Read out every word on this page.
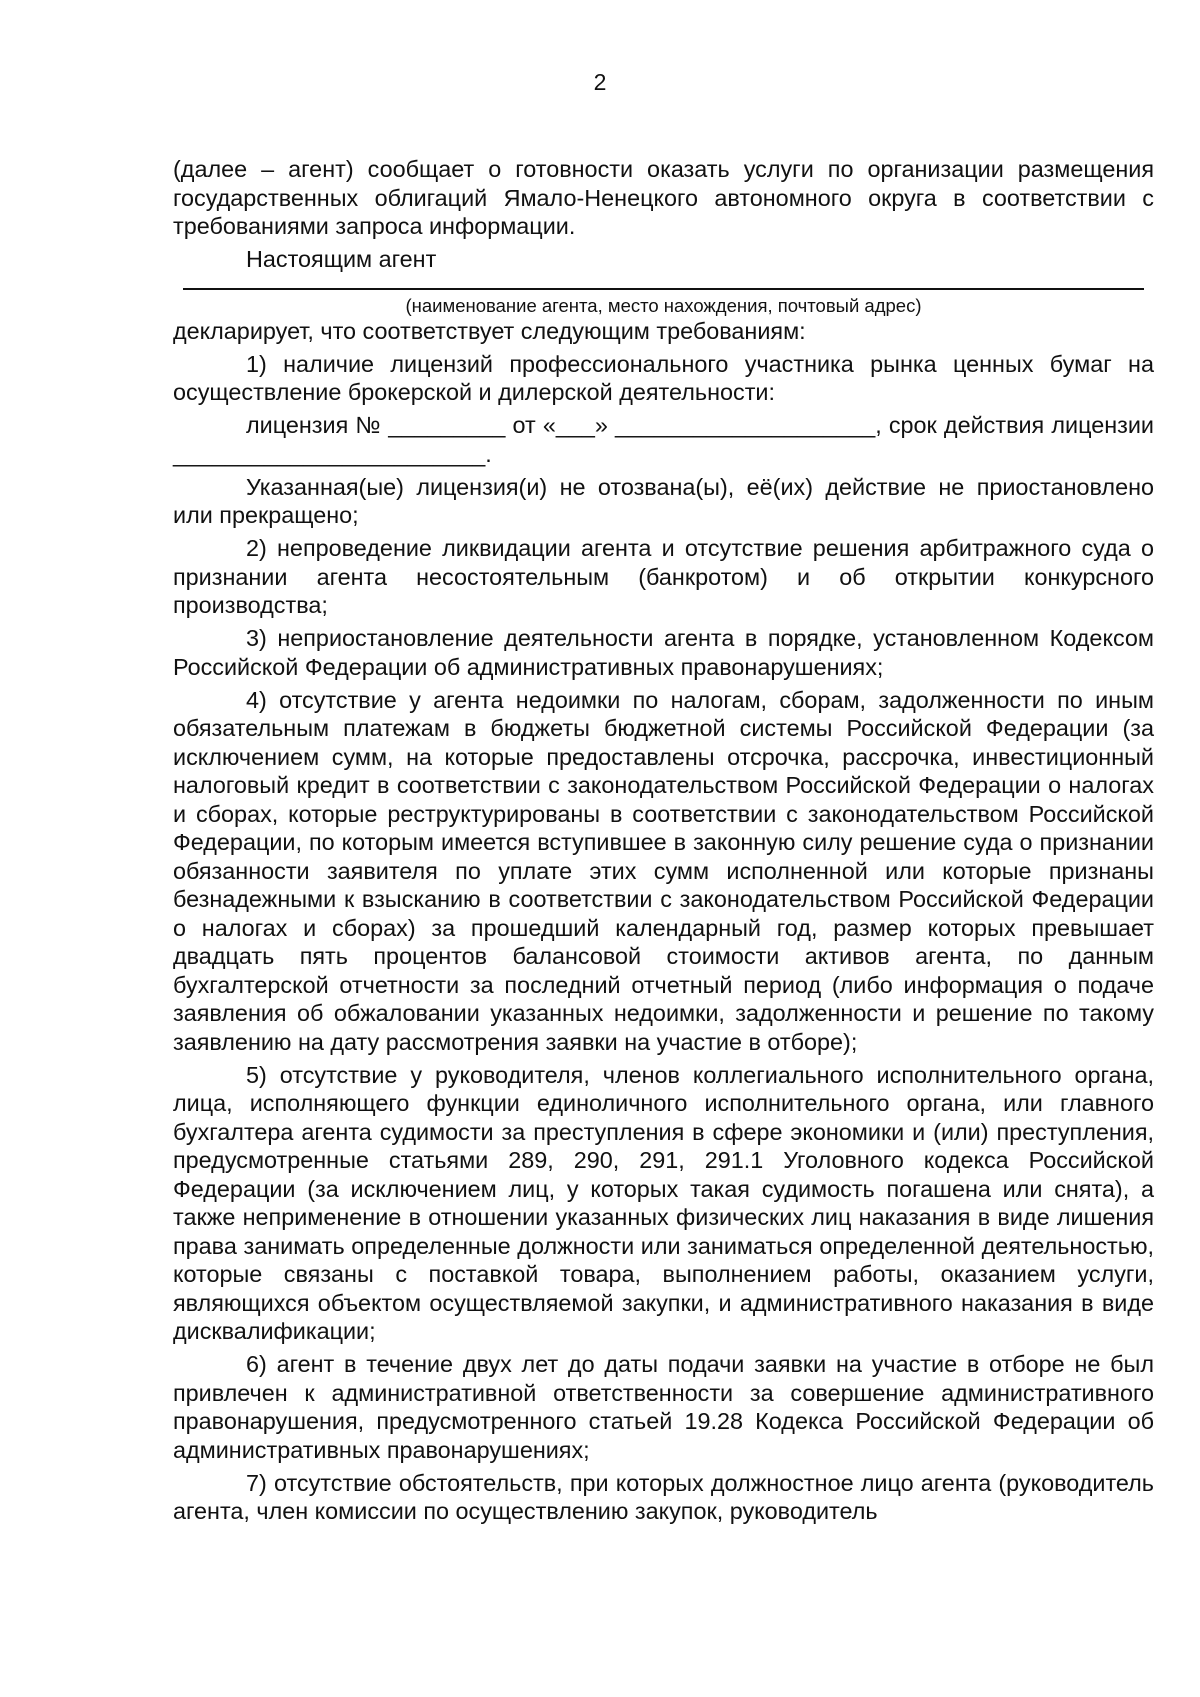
2

(далее – агент) сообщает о готовности оказать услуги по организации размещения государственных облигаций Ямало-Ненецкого автономного округа в соответствии с требованиями запроса информации.

Настоящим агент

(наименование агента, место нахождения, почтовый адрес)

декларирует, что соответствует следующим требованиям:

1) наличие лицензий профессионального участника рынка ценных бумаг на осуществление брокерской и дилерской деятельности:

лицензия № _________ от «___» ____________________, срок действия лицензии ________________________.

Указанная(ые) лицензия(и) не отозвана(ы), её(их) действие не приостановлено или прекращено;

2) непроведение ликвидации агента и отсутствие решения арбитражного суда о признании агента несостоятельным (банкротом) и об открытии конкурсного производства;

3) неприостановление деятельности агента в порядке, установленном Кодексом Российской Федерации об административных правонарушениях;

4) отсутствие у агента недоимки по налогам, сборам, задолженности по иным обязательным платежам в бюджеты бюджетной системы Российской Федерации (за исключением сумм, на которые предоставлены отсрочка, рассрочка, инвестиционный налоговый кредит в соответствии с законодательством Российской Федерации о налогах и сборах, которые реструктурированы в соответствии с законодательством Российской Федерации, по которым имеется вступившее в законную силу решение суда о признании обязанности заявителя по уплате этих сумм исполненной или которые признаны безнадежными к взысканию в соответствии с законодательством Российской Федерации о налогах и сборах) за прошедший календарный год, размер которых превышает двадцать пять процентов балансовой стоимости активов агента, по данным бухгалтерской отчетности за последний отчетный период (либо информация о подаче заявления об обжаловании указанных недоимки, задолженности и решение по такому заявлению на дату рассмотрения заявки на участие в отборе);

5) отсутствие у руководителя, членов коллегиального исполнительного органа, лица, исполняющего функции единоличного исполнительного органа, или главного бухгалтера агента судимости за преступления в сфере экономики и (или) преступления, предусмотренные статьями 289, 290, 291, 291.1 Уголовного кодекса Российской Федерации (за исключением лиц, у которых такая судимость погашена или снята), а также неприменение в отношении указанных физических лиц наказания в виде лишения права занимать определенные должности или заниматься определенной деятельностью, которые связаны с поставкой товара, выполнением работы, оказанием услуги, являющихся объектом осуществляемой закупки, и административного наказания в виде дисквалификации;

6) агент в течение двух лет до даты подачи заявки на участие в отборе не был привлечен к административной ответственности за совершение административного правонарушения, предусмотренного статьей 19.28 Кодекса Российской Федерации об административных правонарушениях;

7) отсутствие обстоятельств, при которых должностное лицо агента (руководитель агента, член комиссии по осуществлению закупок, руководитель
